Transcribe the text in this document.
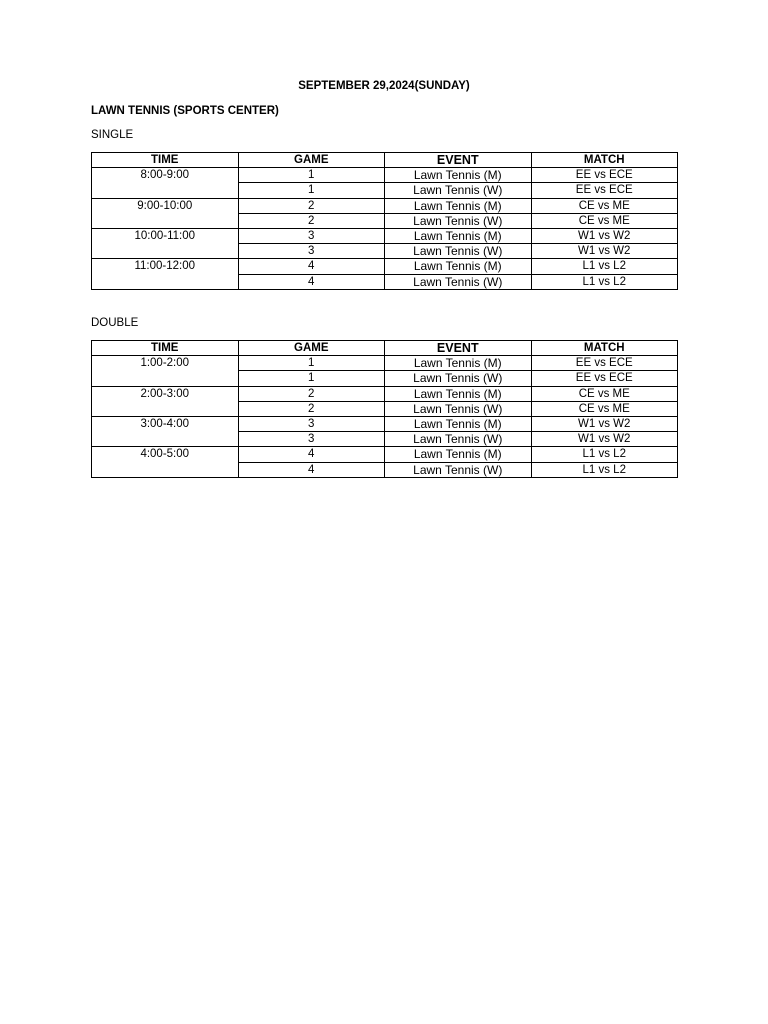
SEPTEMBER 29,2024(SUNDAY)
LAWN TENNIS (SPORTS CENTER)
SINGLE
TIME	GAME	EVENT	MATCH
8:00-9:00	1	Lawn Tennis (M)	EE vs ECE
	1	Lawn Tennis (W)	EE vs ECE
9:00-10:00	2	Lawn Tennis (M)	CE vs ME
	2	Lawn Tennis (W)	CE vs ME
10:00-11:00	3	Lawn Tennis (M)	W1 vs W2
	3	Lawn Tennis (W)	W1 vs W2
11:00-12:00	4	Lawn Tennis (M)	L1 vs L2
	4	Lawn Tennis (W)	L1 vs L2
DOUBLE
TIME	GAME	EVENT	MATCH
1:00-2:00	1	Lawn Tennis (M)	EE vs ECE
	1	Lawn Tennis (W)	EE vs ECE
2:00-3:00	2	Lawn Tennis (M)	CE vs ME
	2	Lawn Tennis (W)	CE vs ME
3:00-4:00	3	Lawn Tennis (M)	W1 vs W2
	3	Lawn Tennis (W)	W1 vs W2
4:00-5:00	4	Lawn Tennis (M)	L1 vs L2
	4	Lawn Tennis (W)	L1 vs L2
